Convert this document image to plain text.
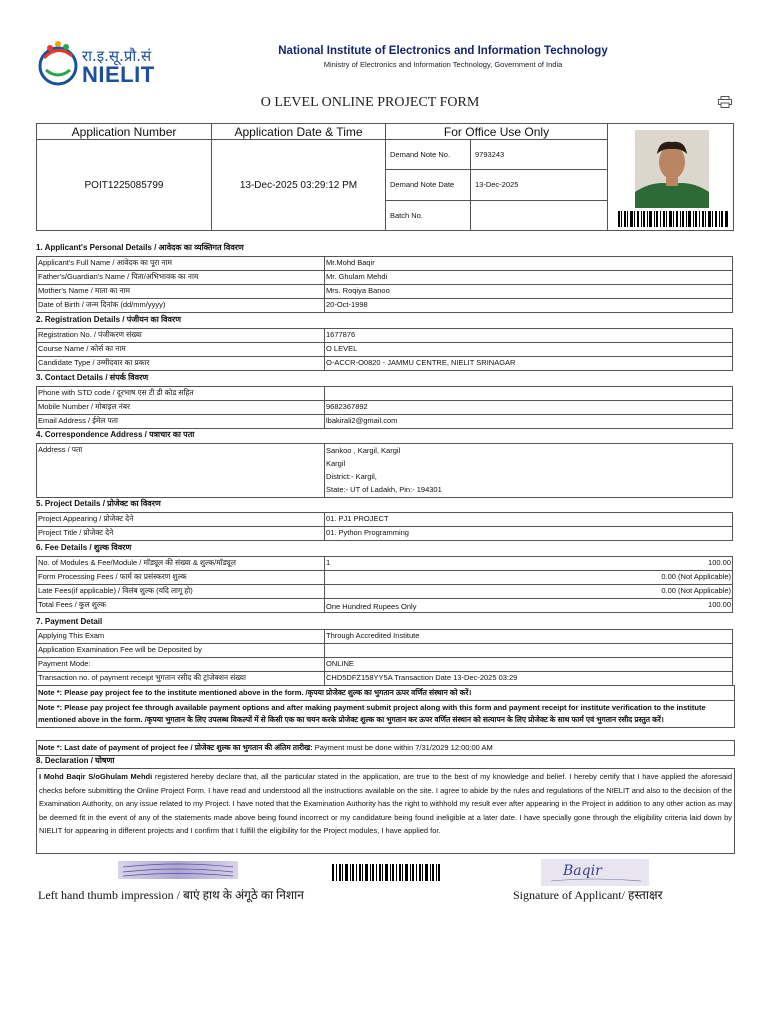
रा.इ.सू.प्रौ.सं
NIELIT
National Institute of Electronics and Information Technology
Ministry of Electronics and Information Technology, Government of India
O LEVEL ONLINE PROJECT FORM
Application Number	Application Date & Time	For Office Use Only	

POIT1225085799	13-Dec-2025 03:29:12 PM	
Demand Note No.	9793243
Demand Note Date	13-Dec-2025
Batch No.	
1. Applicant's Personal Details / आवेदक का व्यक्तिगत विवरण
Applicant's Full Name / आवेदक का पूरा नाम	Mr.Mohd Baqir
Father's/Guardian's Name / पिता/अभिभावक का नाम	Mr. Ghulam Mehdi
Mother's Name / माता का नाम	Mrs. Roqiya Banoo
Date of Birth / जन्म दिनांक (dd/mm/yyyy)	20-Oct-1998
2. Registration Details / पंजीयन का विवरण
Registration No. / पंजीकरण संख्या	1677876
Course Name / कोर्स का नाम	O LEVEL
Candidate Type / उम्मीदवार का प्रकार	O-ACCR-O0820 - JAMMU CENTRE, NIELIT SRINAGAR
3. Contact Details / संपर्क विवरण
Phone with STD code / दूरभाष एस टी डी कोड सहित	
Mobile Number / मोबाइल नंबर	9682367892
Email Address / ईमेल पता	lbakirali2@gmail.com
4. Correspondence Address / पत्राचार का पता
Address / पता	Sankoo , Kargil, Kargil
Kargil
District:- Kargil,
State:- UT of Ladakh, Pin:- 194301
5. Project Details / प्रोजेक्ट का विवरण
Project Appearing / प्रोजेक्ट देने	01. PJ1 PROJECT
Project Title / प्रोजेक्ट देने	01. Python Programming
6. Fee Details / शुल्क विवरण
No. of Modules & Fee/Module / मॉड्यूल की संख्या & शुल्क/मॉड्यूल	1 100.00

Form Processing Fees / फार्म का प्रसंस्करण शुल्क	0.00 (Not Applicable)
Late Fees(if applicable) / विलंब शुल्क (यदि लागू हो)	0.00 (Not Applicable)
Total Fees / कुल शुल्क	One Hundred Rupees Only 100.00
7. Payment Detail
Applying This Exam	Through Accredited Institute
Application Examination Fee will be Deposited by	
Payment Mode:	ONLINE
Transaction no. of payment receipt भुगतान रसीद की ट्रांजेक्शन संख्या	CHD5DFZ158YY5A Transaction Date 13-Dec-2025 03:29
Note *: Please pay project fee to the institute mentioned above in the form. /कृपया प्रोजेक्ट शुल्क का भुगतान ऊपर वर्णित संस्थान को करें।
Note *: Please pay project fee through available payment options and after making payment submit project along with this form and payment receipt for institute verification to the institute mentioned above in the form. /कृपया भुगतान के लिए उपलब्ध विकल्पों में से किसी एक का चयन करके प्रोजेक्ट शुल्क का भुगतान कर ऊपर वर्णित संस्थान को सत्यापन के लिए प्रोजेक्ट के साथ फार्म एवं भुगतान रसीद प्रस्तुत करें।
Note *: Last date of payment of project fee / प्रोजेक्ट शुल्क का भुगतान की अंतिम तारीख: Payment must be done within 7/31/2029 12:00:00 AM
8. Declaration / घोषणा
I Mohd Baqir S/oGhulam Mehdi registered hereby declare that, all the particular stated in the application, are true to the best of my knowledge and belief. I hereby certify that I have applied the aforesaid checks before submitting the Online Project Form. I have read and understood all the instructions available on the site. I agree to abide by the rules and regulations of the NIELIT and also to the decision of the Examination Authority, on any issue related to my Project. I have noted that the Examination Authority has the right to withhold my result ever after appearing in the Project in addition to any other action as may be deemed fit in the event of any of the statements made above being found incorrect or my candidature being found ineligible at a later date. I have specially gone through the eligibility criteria laid down by NIELIT for appearing in different projects and I confirm that I fulfill the eligibility for the Project modules, I have applied for.
Baqir
Left hand thumb impression / बाएं हाथ के अंगूठे का निशान	Signature of Applicant/ हस्ताक्षर
